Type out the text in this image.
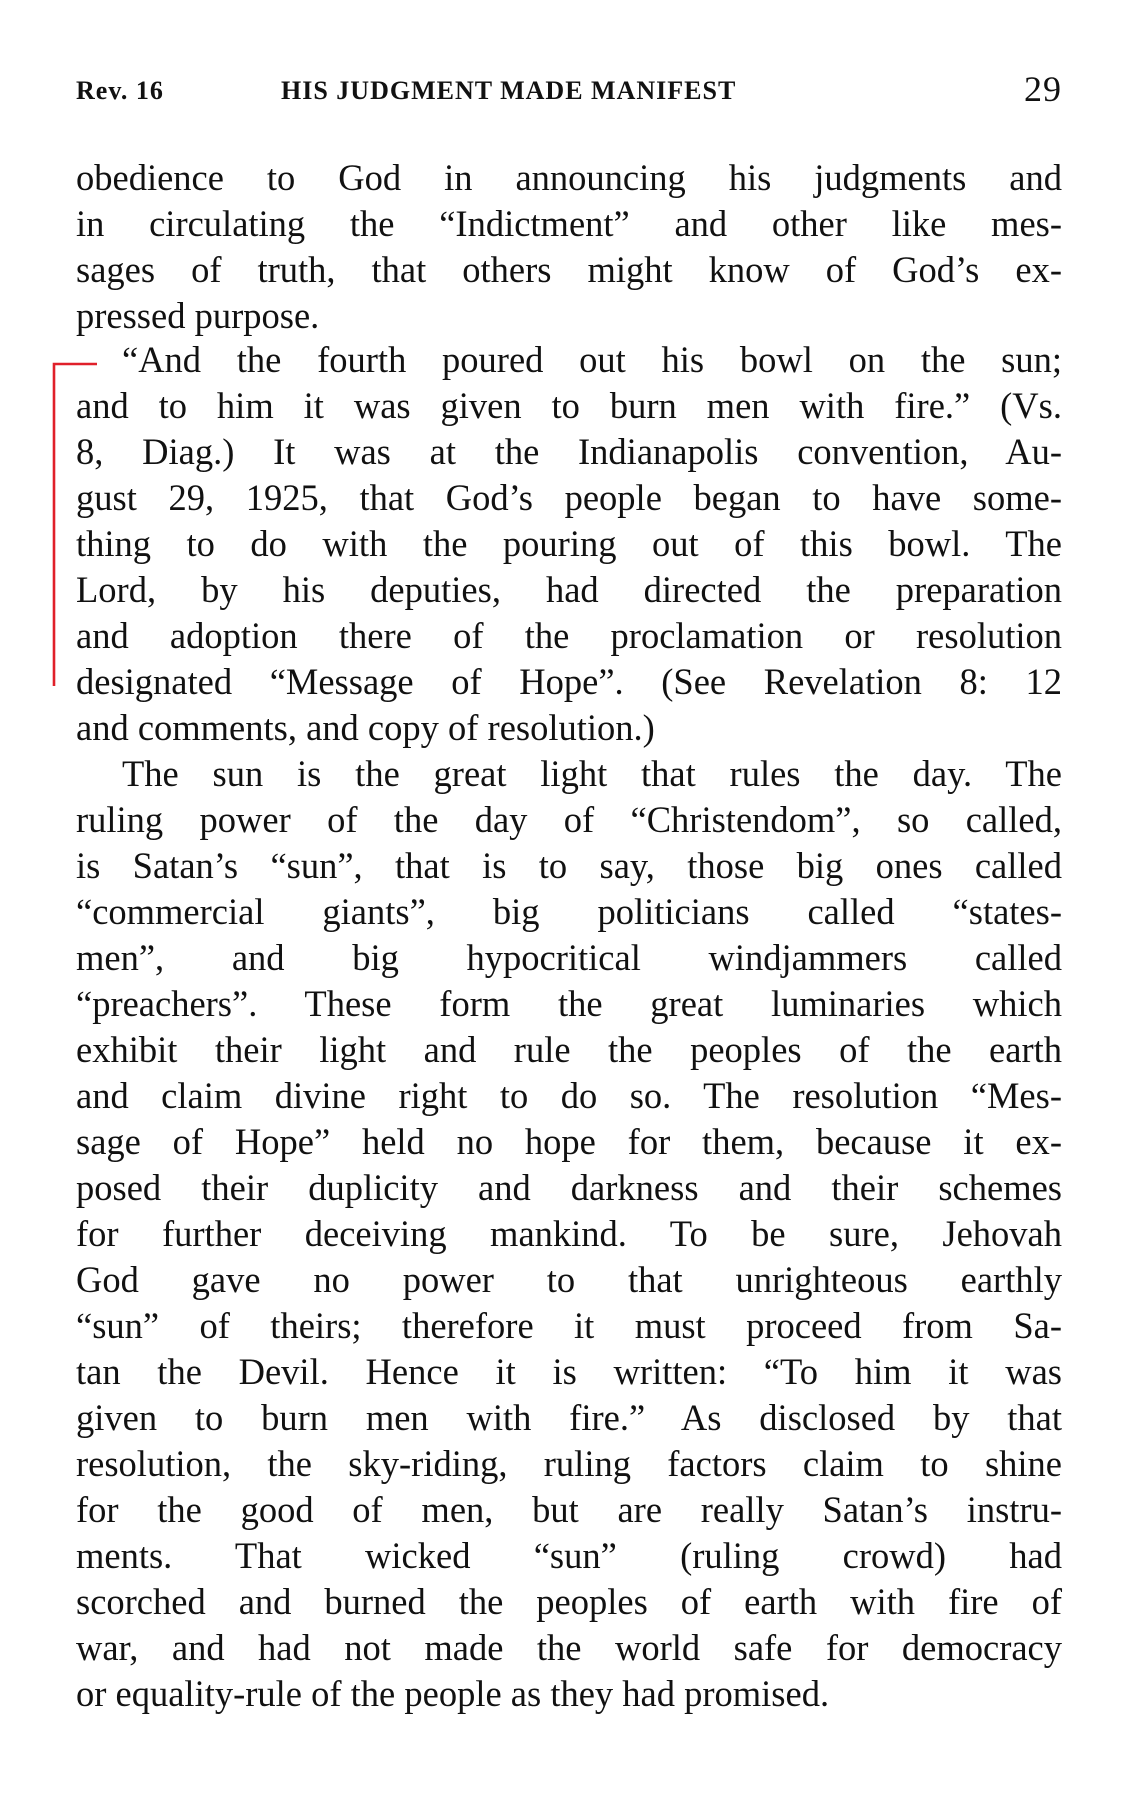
Rev. 16	HIS JUDGMENT MADE MANIFEST	29
obedience to God in announcing his judgments and
in circulating the “Indictment” and other like mes-
sages of truth, that others might know of God’s ex-
pressed purpose.
“And the fourth poured out his bowl on the sun;
and to him it was given to burn men with fire.” (Vs.
8, Diag.) It was at the Indianapolis convention, Au-
gust 29, 1925, that God’s people began to have some-
thing to do with the pouring out of this bowl. The
Lord, by his deputies, had directed the preparation
and adoption there of the proclamation or resolution
designated “Message of Hope”. (See Revelation 8: 12
and comments, and copy of resolution.)
The sun is the great light that rules the day. The
ruling power of the day of “Christendom”, so called,
is Satan’s “sun”, that is to say, those big ones called
“commercial giants”, big politicians called “states-
men”, and big hypocritical windjammers called
“preachers”. These form the great luminaries which
exhibit their light and rule the peoples of the earth
and claim divine right to do so. The resolution “Mes-
sage of Hope” held no hope for them, because it ex-
posed their duplicity and darkness and their schemes
for further deceiving mankind. To be sure, Jehovah
God gave no power to that unrighteous earthly
“sun” of theirs; therefore it must proceed from Sa-
tan the Devil. Hence it is written: “To him it was
given to burn men with fire.” As disclosed by that
resolution, the sky-riding, ruling factors claim to shine
for the good of men, but are really Satan’s instru-
ments. That wicked “sun” (ruling crowd) had
scorched and burned the peoples of earth with fire of
war, and had not made the world safe for democracy
or equality-rule of the people as they had promised.
